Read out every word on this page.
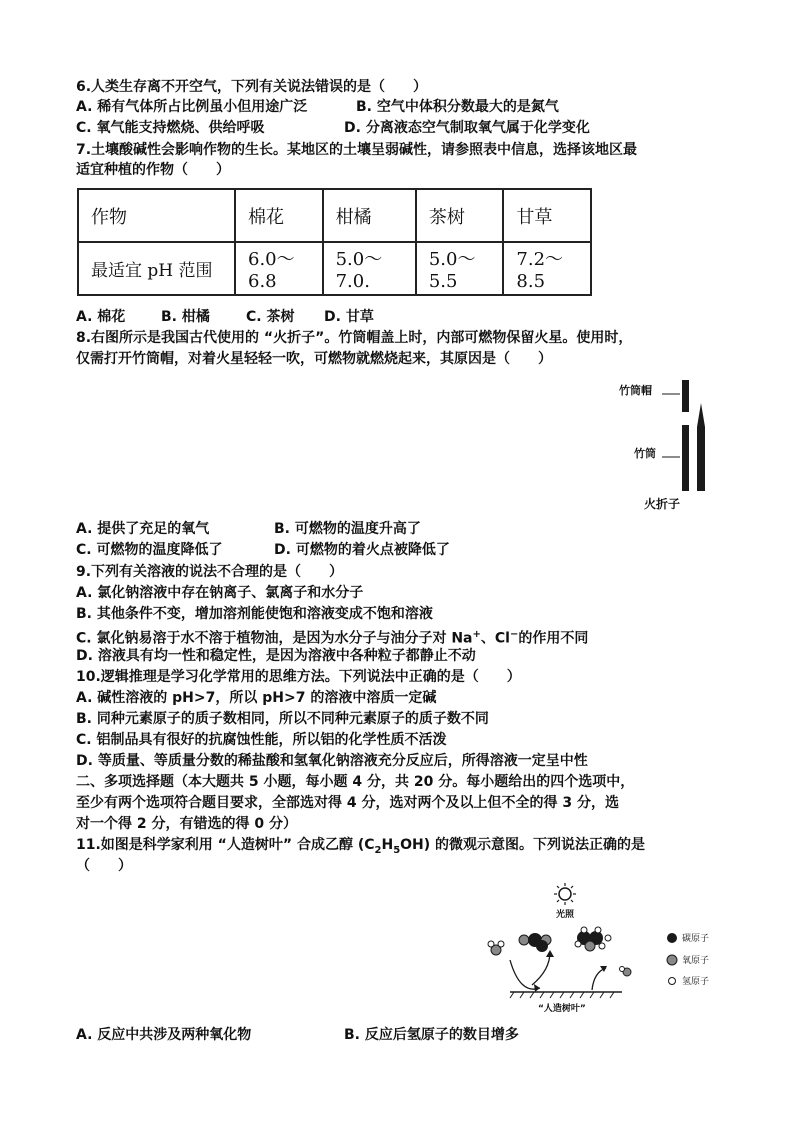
6.人类生存离不开空气，下列有关说法错误的是（　　）
A. 稀有气体所占比例虽小但用途广泛	B. 空气中体积分数最大的是氮气
C. 氧气能支持燃烧、供给呼吸	D. 分离液态空气制取氧气属于化学变化
7.土壤酸碱性会影响作物的生长。某地区的土壤呈弱碱性，请参照表中信息，选择该地区最
适宜种植的作物（　　）
作物	棉花	柑橘	茶树	甘草
最适宜 pH 范围	6.0～6.8	5.0～7.0.	5.0～5.5	7.2～8.5
A. 棉花	B. 柑橘	C. 茶树 D. 甘草
8.右图所示是我国古代使用的 “火折子”。竹筒帽盖上时，内部可燃物保留火星。使用时，
仅需打开竹筒帽，对着火星轻轻一吹，可燃物就燃烧起来，其原因是（　　）
竹筒帽
竹筒
火折子
A. 提供了充足的氧气	B. 可燃物的温度升高了
C. 可燃物的温度降低了	D. 可燃物的着火点被降低了
9.下列有关溶液的说法不合理的是（　　）
A. 氯化钠溶液中存在钠离子、氯离子和水分子
B. 其他条件不变，增加溶剂能使饱和溶液变成不饱和溶液
C. 氯化钠易溶于水不溶于植物油，是因为水分子与油分子对 Na+、Cl−的作用不同
D. 溶液具有均一性和稳定性，是因为溶液中各种粒子都静止不动
10.逻辑推理是学习化学常用的思维方法。下列说法中正确的是（　　）
A. 碱性溶液的 pH>7，所以 pH>7 的溶液中溶质一定碱
B. 同种元素原子的质子数相同，所以不同种元素原子的质子数不同
C. 铝制品具有很好的抗腐蚀性能，所以铝的化学性质不活泼
D. 等质量、等质量分数的稀盐酸和氢氧化钠溶液充分反应后，所得溶液一定呈中性
二、多项选择题（本大题共 5 小题，每小题 4 分，共 20 分。每小题给出的四个选项中，
至少有两个选项符合题目要求，全部选对得 4 分，选对两个及以上但不全的得 3 分，选
对一个得 2 分，有错选的得 0 分）
11.如图是科学家利用 “人造树叶” 合成乙醇 $(C_2H_5OH)$ 的微观示意图。下列说法正确的是
（　　）
光照
“人造树叶”
碳原子
氧原子
氢原子
A. 反应中共涉及两种氧化物	B. 反应后氢原子的数目增多
